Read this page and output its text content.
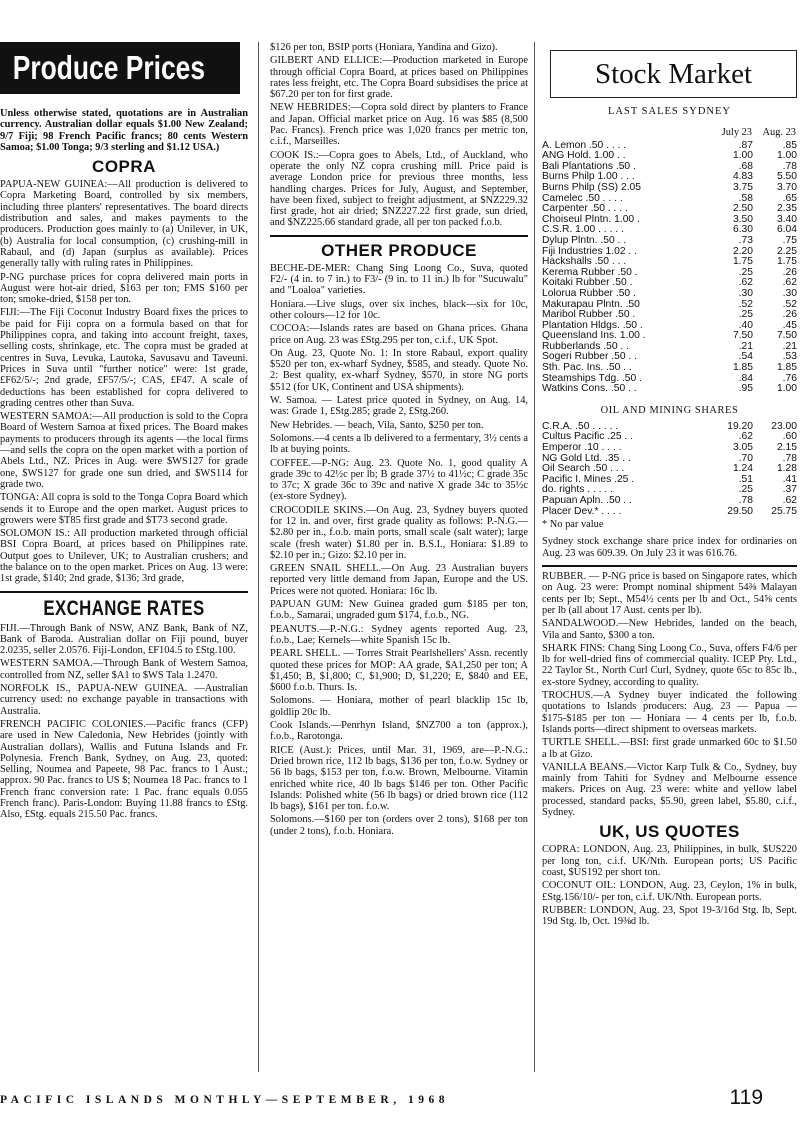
Produce Prices

Unless otherwise stated, quotations are in Australian currency. Australian dollar equals $1.00 New Zealand; 9/7 Fiji; 98 French Pacific francs; 80 cents Western Samoa; $1.00 Tonga; 9/3 sterling and $1.12 USA.)

COPRA

PAPUA-NEW GUINEA:—All production is delivered to Copra Marketing Board, controlled by six members, including three planters' representatives. The board directs distribution and sales, and makes payments to the producers. Production goes mainly to (a) Unilever, in UK, (b) Australia for local consumption, (c) crushing-mill in Rabaul, and (d) Japan (surplus as available). Prices generally tally with ruling rates in Philippines.

P-NG purchase prices for copra delivered main ports in August were hot-air dried, $163 per ton; FMS $160 per ton; smoke-dried, $158 per ton.

FIJI:—The Fiji Coconut Industry Board fixes the prices to be paid for Fiji copra on a formula based on that for Philippines copra, and taking into account freight, taxes, selling costs, shrinkage, etc. The copra must be graded at centres in Suva, Levuka, Lautoka, Savusavu and Taveuni. Prices in Suva until "further notice" were: 1st grade, £F62/5/-; 2nd grade, £F57/5/-; CAS, £F47. A scale of deductions has been established for copra delivered to grading centres other than Suva.

WESTERN SAMOA:—All production is sold to the Copra Board of Western Samoa at fixed prices. The Board makes payments to producers through its agents —the local firms—and sells the copra on the open market with a portion of Abels Ltd., NZ. Prices in Aug. were $WS127 for grade one, $WS127 for grade one sun dried, and $WS114 for grade two.

TONGA: All copra is sold to the Tonga Copra Board which sends it to Europe and the open market. August prices to growers were $T85 first grade and $T73 second grade.

SOLOMON IS.: All production marketed through official BSI Copra Board, at prices based on Philippines rate. Output goes to Unilever, UK; to Australian crushers; and the balance on to the open market. Prices on Aug. 13 were: 1st grade, $140; 2nd grade, $136; 3rd grade,

EXCHANGE RATES

FIJI.—Through Bank of NSW, ANZ Bank, Bank of NZ, Bank of Baroda. Australian dollar on Fiji pound, buyer 2.0235, seller 2.0576. Fiji-London, £F104.5 to £Stg.100.

WESTERN SAMOA.—Through Bank of Western Samoa, controlled from NZ, seller $A1 to $WS Tala 1.2470.

NORFOLK IS., PAPUA-NEW GUINEA. —Australian currency used: no exchange payable in transactions with Australia.

FRENCH PACIFIC COLONIES.—Pacific francs (CFP) are used in New Caledonia, New Hebrides (jointly with Australian dollars), Wallis and Futuna Islands and Fr. Polynesia. French Bank, Sydney, on Aug. 23, quoted: Selling, Noumea and Papeete, 98 Pac. francs to 1 Aust.; approx. 90 Pac. francs to US $; Noumea 18 Pac. francs to 1 French franc conversion rate: 1 Pac. franc equals 0.055 French franc). Paris-London: Buying 11.88 francs to £Stg. Also, £Stg. equals 215.50 Pac. francs.

$126 per ton, BSIP ports (Honiara, Yandina and Gizo).

GILBERT AND ELLICE:—Production marketed in Europe through official Copra Board, at prices based on Philippines rates less freight, etc. The Copra Board subsidises the price at $67.20 per ton for first grade.

NEW HEBRIDES:—Copra sold direct by planters to France and Japan. Official market price on Aug. 16 was $85 (8,500 Pac. Francs). French price was 1,020 francs per metric ton, c.i.f., Marseilles.

COOK IS.:—Copra goes to Abels, Ltd., of Auckland, who operate the only NZ copra crushing mill. Price paid is average London price for previous three months, less handling charges. Prices for July, August, and September, have been fixed, subject to freight adjustment, at $NZ229.32 first grade, hot air dried; $NZ227.22 first grade, sun dried, and $NZ225.66 standard grade, all per ton packed f.o.b.

OTHER PRODUCE

BECHE-DE-MER: Chang Sing Loong Co., Suva, quoted F2/- (4 in. to 7 in.) to F3/- (9 in. to 11 in.) lb for "Sucuwalu" and "Loaloa" varieties.

Honiara.—Live slugs, over six inches, black—six for 10c, other colours—12 for 10c.

COCOA:—Islands rates are based on Ghana prices. Ghana price on Aug. 23 was £Stg.295 per ton, c.i.f., UK Spot.

On Aug. 23, Quote No. 1: In store Rabaul, export quality $520 per ton, ex-wharf Sydney, $585, and steady. Quote No. 2: Best quality, ex-wharf Sydney, $570, in store NG ports $512 (for UK, Continent and USA shipments).

W. Samoa. — Latest price quoted in Sydney, on Aug. 14, was: Grade 1, £Stg.285; grade 2, £Stg.260.

New Hebrides. — beach, Vila, Santo, $250 per ton.

Solomons.—4 cents a lb delivered to a fermentary, 3½ cents a lb at buying points.

COFFEE.—P-NG: Aug. 23. Quote No. 1, good quality A grade 39c to 42½c per lb; B grade 37½ to 41½c; C grade 35c to 37c; X grade 36c to 39c and native X grade 34c to 35½c (ex-store Sydney).

CROCODILE SKINS.—On Aug. 23, Sydney buyers quoted for 12 in. and over, first grade quality as follows: P.-N.G.—$2.80 per in., f.o.b. main ports, small scale (salt water); large scale (fresh water) $1.80 per in. B.S.I., Honiara: $1.89 to $2.10 per in.; Gizo: $2.10 per in.

GREEN SNAIL SHELL.—On Aug. 23 Australian buyers reported very little demand from Japan, Europe and the US. Prices were not quoted. Honiara: 16c lb.

PAPUAN GUM: New Guinea graded gum $185 per ton, f.o.b., Samarai, ungraded gum $174, f.o.b., NG.

PEANUTS.—P.-N.G.: Sydney agents reported Aug. 23, f.o.b., Lae; Kernels—white Spanish 15c lb.

PEARL SHELL. — Torres Strait Pearlshellers' Assn. recently quoted these prices for MOP: AA grade, $A1,250 per ton; A $1,450; B, $1,800; C, $1,900; D, $1,220; E, $840 and EE, $600 f.o.b. Thurs. Is.

Solomons. — Honiara, mother of pearl blacklip 15c lb, goldlip 20c lb.

Cook Islands.—Penrhyn Island, $NZ700 a ton (approx.), f.o.b., Rarotonga.

RICE (Aust.): Prices, until Mar. 31, 1969, are—P.-N.G.: Dried brown rice, 112 lb bags, $136 per ton, f.o.w. Sydney or 56 lb bags, $153 per ton, f.o.w. Brown, Melbourne. Vitamin enriched white rice, 40 lb bags $146 per ton. Other Pacific Islands: Polished white (56 lb bags) or dried brown rice (112 lb bags), $161 per ton. f.o.w.

Solomons.—$160 per ton (orders over 2 tons), $168 per ton (under 2 tons), f.o.b. Honiara.

Stock Market
LAST SALES SYDNEY
	July 23	Aug. 23
A. Lemon .50 . . . .	.87	.85
ANG Hold. 1.00 . .	1.00	1.00
Bali Plantations .50 .	.68	.78
Burns Philp 1.00 . . .	4.83	5.50
Burns Philp (SS) 2.05	3.75	3.70
Camelec .50 . . . .	.58	.65
Carpenter .50 . . . .	2.50	2.35
Choiseul Plntn. 1.00 .	3.50	3.40
C.S.R. 1.00 . . . . .	6.30	6.04
Dylup Plntn. .50 . .	.73	.75
Fiji Industries 1.02 . .	2.20	2.25
Hackshalls .50 . . .	1.75	1.75
Kerema Rubber .50 .	.25	.26
Koitaki Rubber .50 .	.62	.62
Lolorua Rubber .50 .	.30	.30
Makurapau Plntn. .50	.52	.52
Maribol Rubber .50 .	.25	.26
Plantation Hldgs. .50 .	.40	.45
Queensland Ins. 1.00 .	7.50	7.50
Rubberlands .50 . .	.21	.21
Sogeri Rubber .50 . .	.54	.53
Sth. Pac. Ins. .50 . .	1.85	1.85
Steamships Tdg. .50 .	.84	.76
Watkins Cons. .50 . .	.95	1.00
OIL AND MINING SHARES
C.R.A. .50 . . . . .	19.20	23.00
Cultus Pacific .25 . .	.62	.60
Emperor .10 . . . .	3.05	2.15
NG Gold Ltd. .35 . .	.70	.78
Oil Search .50 . . .	1.24	1.28
Pacific I. Mines .25 .	.51	.41
do. rights . . . . .	.25	.37
Papuan Apln. .50 . .	.78	.62
Placer Dev.* . . . .	29.50	25.75

* No par value

Sydney stock exchange share price index for ordinaries on Aug. 23 was 609.39. On July 23 it was 616.76.

RUBBER. — P-NG price is based on Singapore rates, which on Aug. 23 were: Prompt nominal shipment 54⅜ Malayan cents per lb; Sept., M54½ cents per lb and Oct., 54⅝ cents per lb (all about 17 Aust. cents per lb).

SANDALWOOD.—New Hebrides, landed on the beach, Vila and Santo, $300 a ton.

SHARK FINS: Chang Sing Loong Co., Suva, offers F4/6 per lb for well-dried fins of commercial quality. ICEP Pty. Ltd., 22 Taylor St., North Curl Curl, Sydney, quote 65c to 85c lb., ex-store Sydney, according to quality.

TROCHUS.—A Sydney buyer indicated the following quotations to Islands producers: Aug. 23 — Papua — $175-$185 per ton — Honiara — 4 cents per lb, f.o.b. Islands ports—direct shipment to overseas markets.

TURTLE SHELL.—BSI: first grade unmarked 60c to $1.50 a lb at Gizo.

VANILLA BEANS.—Victor Karp Tulk & Co., Sydney, buy mainly from Tahiti for Sydney and Melbourne essence makers. Prices on Aug. 23 were: white and yellow label processed, standard packs, $5.90, green label, $5.80, c.i.f., Sydney.

UK, US QUOTES

COPRA: LONDON, Aug. 23, Philippines, in bulk, $US220 per long ton, c.i.f. UK/Nth. European ports; US Pacific coast, $US192 per short ton.

COCONUT OIL: LONDON, Aug. 23, Ceylon, 1% in bulk, £Stg.156/10/- per ton, c.i.f. UK/Nth. European ports.

RUBBER: LONDON, Aug. 23, Spot 19-3/16d Stg. lb, Sept. 19d Stg. lb, Oct. 19⅜d lb.

PACIFIC ISLANDS MONTHLY—SEPTEMBER, 1968	119
